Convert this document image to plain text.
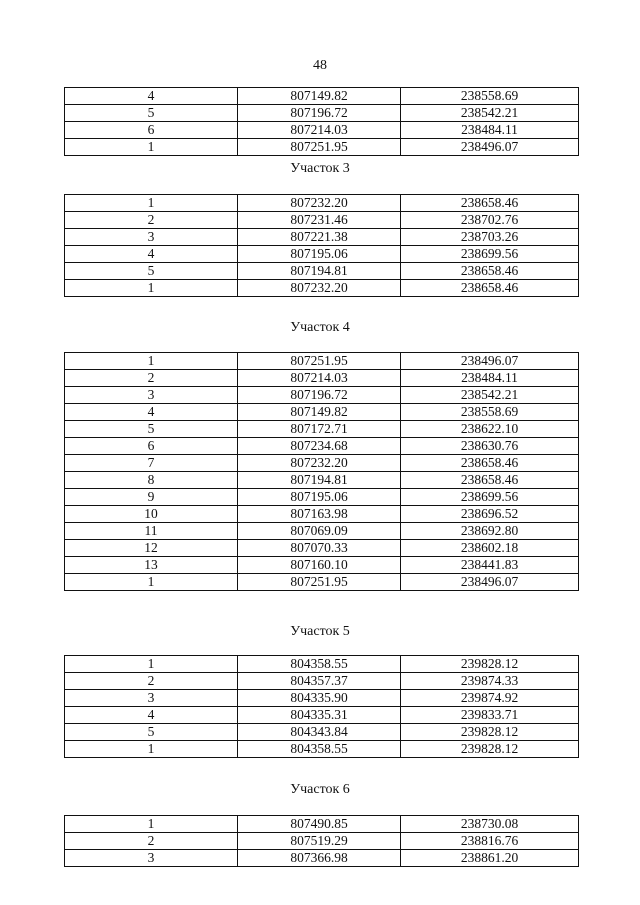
48
4	807149.82	238558.69
5	807196.72	238542.21
6	807214.03	238484.11
1	807251.95	238496.07
Участок 3
1	807232.20	238658.46
2	807231.46	238702.76
3	807221.38	238703.26
4	807195.06	238699.56
5	807194.81	238658.46
1	807232.20	238658.46
Участок 4
1	807251.95	238496.07
2	807214.03	238484.11
3	807196.72	238542.21
4	807149.82	238558.69
5	807172.71	238622.10
6	807234.68	238630.76
7	807232.20	238658.46
8	807194.81	238658.46
9	807195.06	238699.56
10	807163.98	238696.52
11	807069.09	238692.80
12	807070.33	238602.18
13	807160.10	238441.83
1	807251.95	238496.07
Участок 5
1	804358.55	239828.12
2	804357.37	239874.33
3	804335.90	239874.92
4	804335.31	239833.71
5	804343.84	239828.12
1	804358.55	239828.12
Участок 6
1	807490.85	238730.08
2	807519.29	238816.76
3	807366.98	238861.20
